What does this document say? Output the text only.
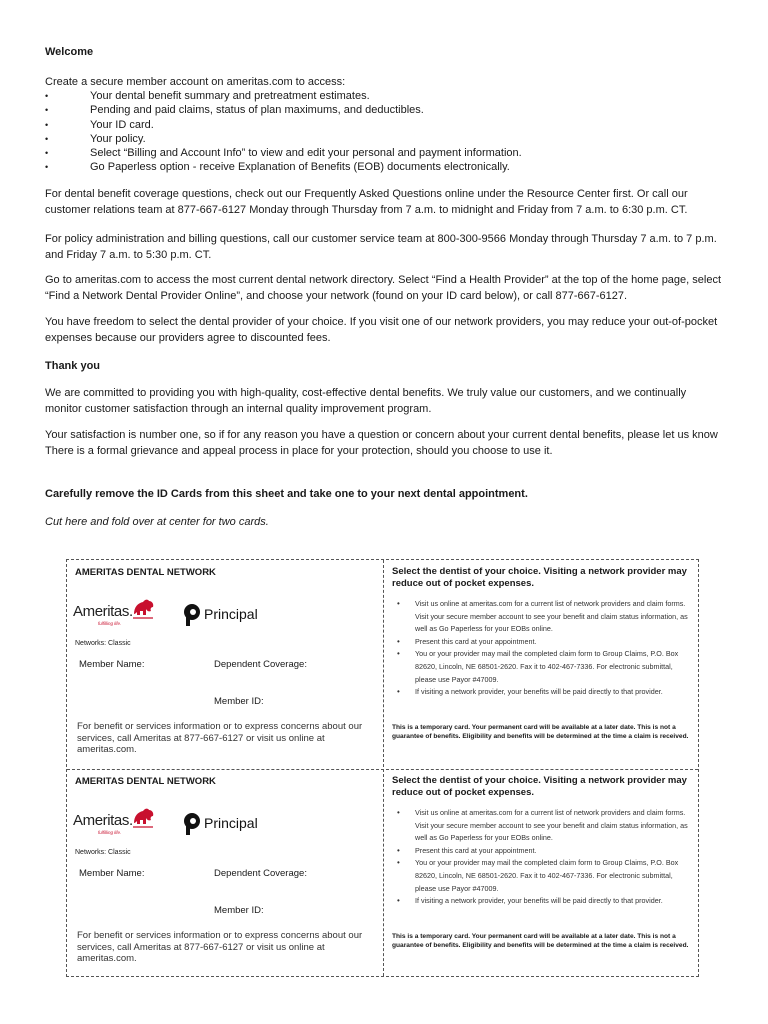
Welcome
Create a secure member account on ameritas.com to access:
• Your dental benefit summary and pretreatment estimates.
• Pending and paid claims, status of plan maximums, and deductibles.
• Your ID card.
• Your policy.
• Select “Billing and Account Info” to view and edit your personal and payment information.
• Go Paperless option - receive Explanation of Benefits (EOB) documents electronically.
For dental benefit coverage questions, check out our Frequently Asked Questions online under the Resource Center first. Or call our customer relations team at 877-667-6127 Monday through Thursday from 7 a.m. to midnight and Friday from 7 a.m. to 6:30 p.m. CT.
For policy administration and billing questions, call our customer service team at 800-300-9566 Monday through Thursday 7 a.m. to 7 p.m. and Friday 7 a.m. to 5:30 p.m. CT.
Go to ameritas.com to access the most current dental network directory. Select “Find a Health Provider” at the top of the home page, select “Find a Network Dental Provider Online”, and choose your network (found on your ID card below), or call 877-667-6127.
You have freedom to select the dental provider of your choice. If you visit one of our network providers, you may reduce your out-of-pocket expenses because our providers agree to discounted fees.
Thank you
We are committed to providing you with high-quality, cost-effective dental benefits. We truly value our customers, and we continually monitor customer satisfaction through an internal quality improvement program.
Your satisfaction is number one, so if for any reason you have a question or concern about your current dental benefits, please let us know There is a formal grievance and appeal process in place for your protection, should you choose to use it.
Carefully remove the ID Cards from this sheet and take one to your next dental appointment.
Cut here and fold over at center for two cards.
AMERITAS DENTAL NETWORK
Ameritas.
fulfilling life.
Principal
Networks: Classic
Member Name:	Dependent Coverage:
Member ID:
For benefit or services information or to express concerns about our services, call Ameritas at 877-667-6127 or visit us online at ameritas.com.
Select the dentist of your choice. Visiting a network provider may reduce out of pocket expenses.
• Visit us online at ameritas.com for a current list of network providers and claim forms. Visit your secure member account to see your benefit and claim status information, as well as Go Paperless for your EOBs online.
• Present this card at your appointment.
• You or your provider may mail the completed claim form to Group Claims, P.O. Box 82620, Lincoln, NE 68501-2620. Fax it to 402-467-7336. For electronic submittal, please use Payor #47009.
• If visiting a network provider, your benefits will be paid directly to that provider.
This is a temporary card. Your permanent card will be available at a later date. This is not a guarantee of benefits. Eligibility and benefits will be determined at the time a claim is received.
AMERITAS DENTAL NETWORK
Ameritas.
fulfilling life.
Principal
Networks: Classic
Member Name:	Dependent Coverage:
Member ID:
For benefit or services information or to express concerns about our services, call Ameritas at 877-667-6127 or visit us online at ameritas.com.
Select the dentist of your choice. Visiting a network provider may reduce out of pocket expenses.
• Visit us online at ameritas.com for a current list of network providers and claim forms. Visit your secure member account to see your benefit and claim status information, as well as Go Paperless for your EOBs online.
• Present this card at your appointment.
• You or your provider may mail the completed claim form to Group Claims, P.O. Box 82620, Lincoln, NE 68501-2620. Fax it to 402-467-7336. For electronic submittal, please use Payor #47009.
• If visiting a network provider, your benefits will be paid directly to that provider.
This is a temporary card. Your permanent card will be available at a later date. This is not a guarantee of benefits. Eligibility and benefits will be determined at the time a claim is received.
